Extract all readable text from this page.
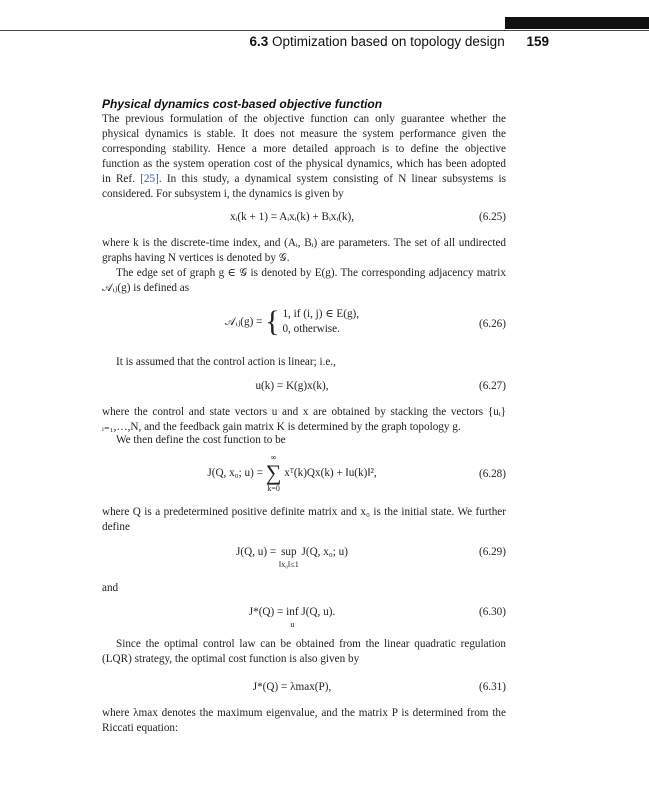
6.3 Optimization based on topology design 159
Physical dynamics cost-based objective function

The previous formulation of the objective function can only guarantee whether the physical dynamics is stable. It does not measure the system performance given the corresponding stability. Hence a more detailed approach is to define the objective function as the system operation cost of the physical dynamics, which has been adopted in Ref. [25]. In this study, a dynamical system consisting of N linear subsystems is considered. For subsystem i, the dynamics is given by

xᵢ(k + 1) = Aᵢxᵢ(k) + Bᵢxᵢ(k),	(6.25)

where k is the discrete-time index, and (Aᵢ, Bᵢ) are parameters. The set of all undirected graphs having N vertices is denoted by 𝒢.

The edge set of graph g ∈ 𝒢 is denoted by E(g). The corresponding adjacency matrix 𝒜ᵢⱼ(g) is defined as

𝒜ᵢⱼ(g) = { 1, if (i, j) ∈ E(g),
0, otherwise.	(6.26)

It is assumed that the control action is linear; i.e.,

u(k) = K(g)x(k),	(6.27)

where the control and state vectors u and x are obtained by stacking the vectors {uᵢ}ᵢ₌₁,…,N, and the feedback gain matrix K is determined by the graph topology g.

We then define the cost function to be

J(Q, x₀; u) = ∞
∑
k=0 xᵀ(k)Qx(k) + ‖u(k)‖²,	(6.28)

where Q is a predetermined positive definite matrix and x₀ is the initial state. We further define

J(Q, u) = sup
‖x₀‖≤1 J(Q, x₀; u)	(6.29)

and

J*(Q) = inf
u J(Q, u).	(6.30)

Since the optimal control law can be obtained from the linear quadratic regulation (LQR) strategy, the optimal cost function is also given by

J*(Q) = λmax(P),	(6.31)

where λmax denotes the maximum eigenvalue, and the matrix P is determined from the Riccati equation:
